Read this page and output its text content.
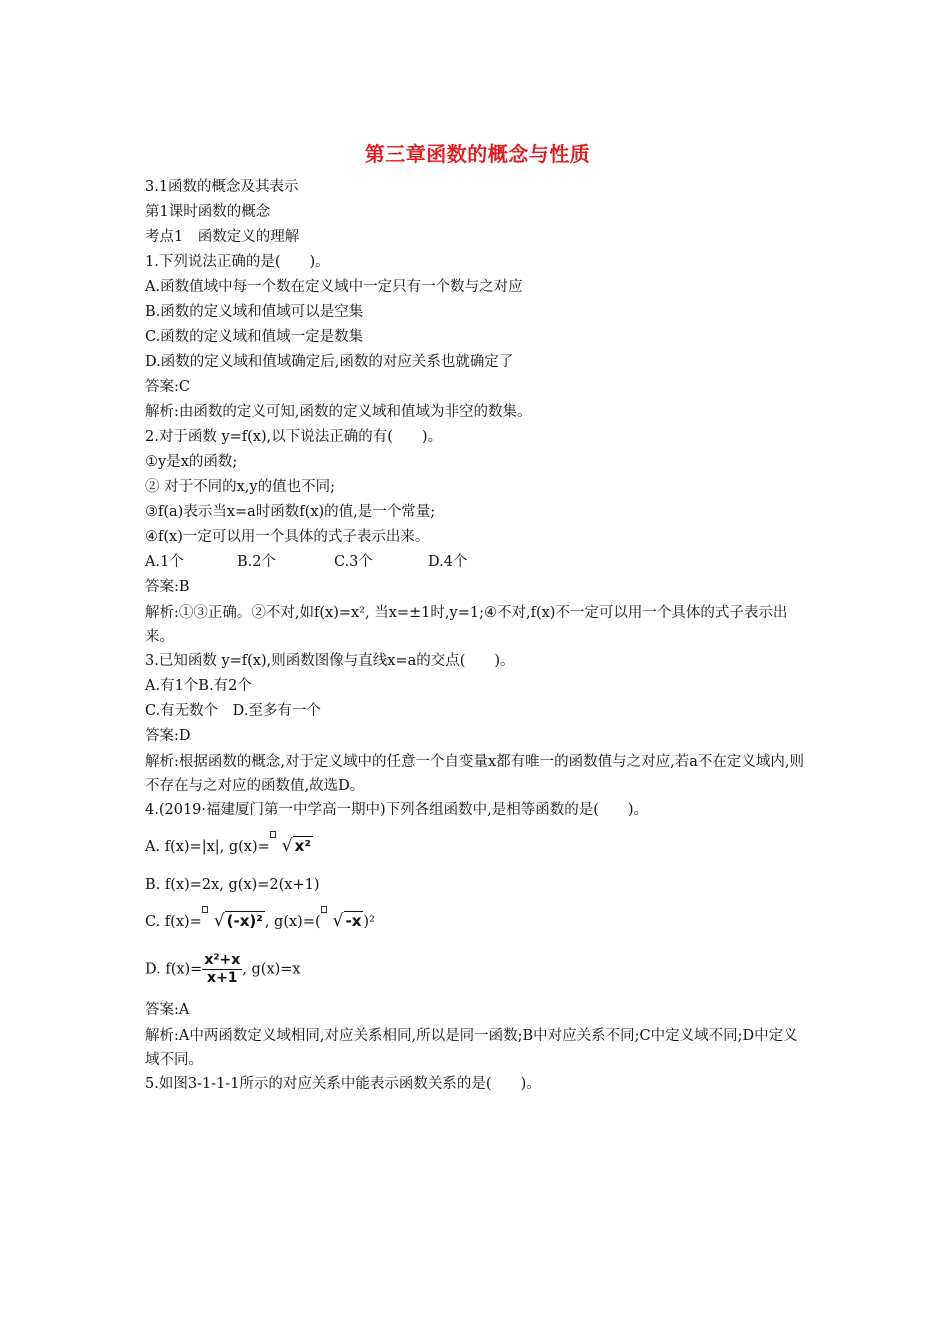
第三章函数的概念与性质
3.1函数的概念及其表示
第1课时函数的概念
考点1　函数定义的理解
1.下列说法正确的是(　　)。
A.函数值域中每一个数在定义域中一定只有一个数与之对应
B.函数的定义域和值域可以是空集
C.函数的定义域和值域一定是数集
D.函数的定义域和值域确定后,函数的对应关系也就确定了
答案:C
解析:由函数的定义可知,函数的定义域和值域为非空的数集。
2.对于函数 y=f(x),以下说法正确的有(　　)。
①y是x的函数;
② 对于不同的x,y的值也不同;
③f(a)表示当x=a时函数f(x)的值,是一个常量;
④f(x)一定可以用一个具体的式子表示出来。
A.1个	B.2个	C.3个	D.4个
答案:B
解析:①③正确。②不对,如f(x)=x², 当x=±1时,y=1;④不对,f(x)不一定可以用一个具体的式子表示出来。
3.已知函数 y=f(x),则函数图像与直线x=a的交点(　　)。
A.有1个B.有2个
C.有无数个　D.至多有一个
答案:D
解析:根据函数的概念,对于定义域中的任意一个自变量x都有唯一的函数值与之对应,若a不在定义域内,则不存在与之对应的函数值,故选D。
4.(2019·福建厦门第一中学高一期中)下列各组函数中,是相等函数的是(　　)。
A. f(x)=|x|, g(x)= √ x²
B. f(x)=2x, g(x)=2(x+1)
C. f(x)= √ (-x)² , g(x)=( √ -x )²
D. $f(x)= \frac{\text{x²+x}}{x+1}$ , g(x)=x
答案:A
解析:A中两函数定义域相同,对应关系相同,所以是同一函数;B中对应关系不同;C中定义域不同;D中定义域不同。
5.如图3-1-1-1所示的对应关系中能表示函数关系的是(　　)。
